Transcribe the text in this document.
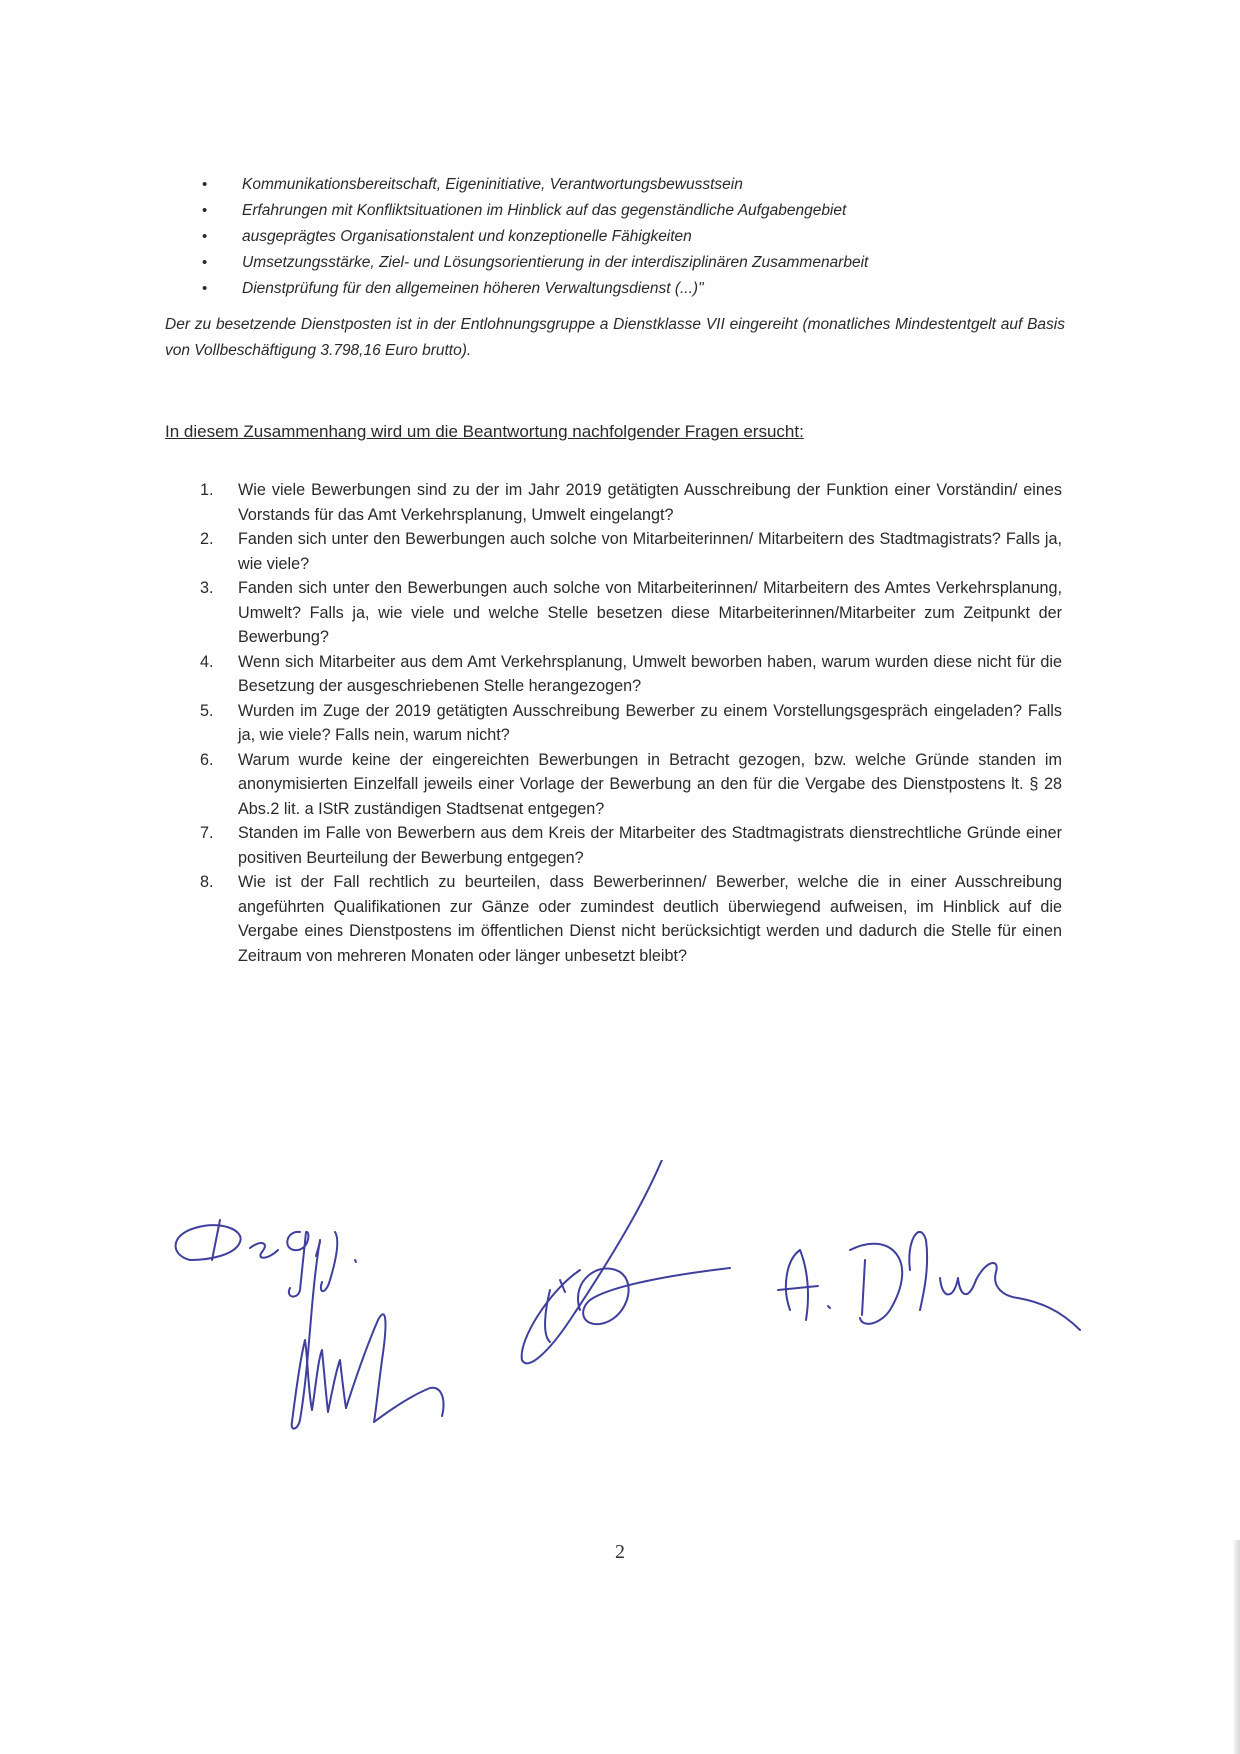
• Kommunikationsbereitschaft, Eigeninitiative, Verantwortungsbewusstsein
• Erfahrungen mit Konfliktsituationen im Hinblick auf das gegenständliche Aufgabengebiet
• ausgeprägtes Organisationstalent und konzeptionelle Fähigkeiten
• Umsetzungsstärke, Ziel- und Lösungsorientierung in der interdisziplinären Zusammenarbeit
• Dienstprüfung für den allgemeinen höheren Verwaltungsdienst (...)"

Der zu besetzende Dienstposten ist in der Entlohnungsgruppe a Dienstklasse VII eingereiht (monatliches Mindestentgelt auf Basis von Vollbeschäftigung 3.798,16 Euro brutto).

In diesem Zusammenhang wird um die Beantwortung nachfolgender Fragen ersucht:

1. Wie viele Bewerbungen sind zu der im Jahr 2019 getätigten Ausschreibung der Funktion einer Vorständin/ eines Vorstands für das Amt Verkehrsplanung, Umwelt eingelangt?
2. Fanden sich unter den Bewerbungen auch solche von Mitarbeiterinnen/ Mitarbeitern des Stadtmagistrats? Falls ja, wie viele?
3. Fanden sich unter den Bewerbungen auch solche von Mitarbeiterinnen/ Mitarbeitern des Amtes Verkehrsplanung, Umwelt? Falls ja, wie viele und welche Stelle besetzen diese Mitarbeiterinnen/Mitarbeiter zum Zeitpunkt der Bewerbung?
4. Wenn sich Mitarbeiter aus dem Amt Verkehrsplanung, Umwelt beworben haben, warum wurden diese nicht für die Besetzung der ausgeschriebenen Stelle herangezogen?
5. Wurden im Zuge der 2019 getätigten Ausschreibung Bewerber zu einem Vorstellungsgespräch eingeladen? Falls ja, wie viele? Falls nein, warum nicht?
6. Warum wurde keine der eingereichten Bewerbungen in Betracht gezogen, bzw. welche Gründe standen im anonymisierten Einzelfall jeweils einer Vorlage der Bewerbung an den für die Vergabe des Dienstpostens lt. § 28 Abs.2 lit. a IStR zuständigen Stadtsenat entgegen?
7. Standen im Falle von Bewerbern aus dem Kreis der Mitarbeiter des Stadtmagistrats dienstrechtliche Gründe einer positiven Beurteilung der Bewerbung entgegen?
8. Wie ist der Fall rechtlich zu beurteilen, dass Bewerberinnen/ Bewerber, welche die in einer Ausschreibung angeführten Qualifikationen zur Gänze oder zumindest deutlich überwiegend aufweisen, im Hinblick auf die Vergabe eines Dienstpostens im öffentlichen Dienst nicht berücksichtigt werden und dadurch die Stelle für einen Zeitraum von mehreren Monaten oder länger unbesetzt bleibt?
2
